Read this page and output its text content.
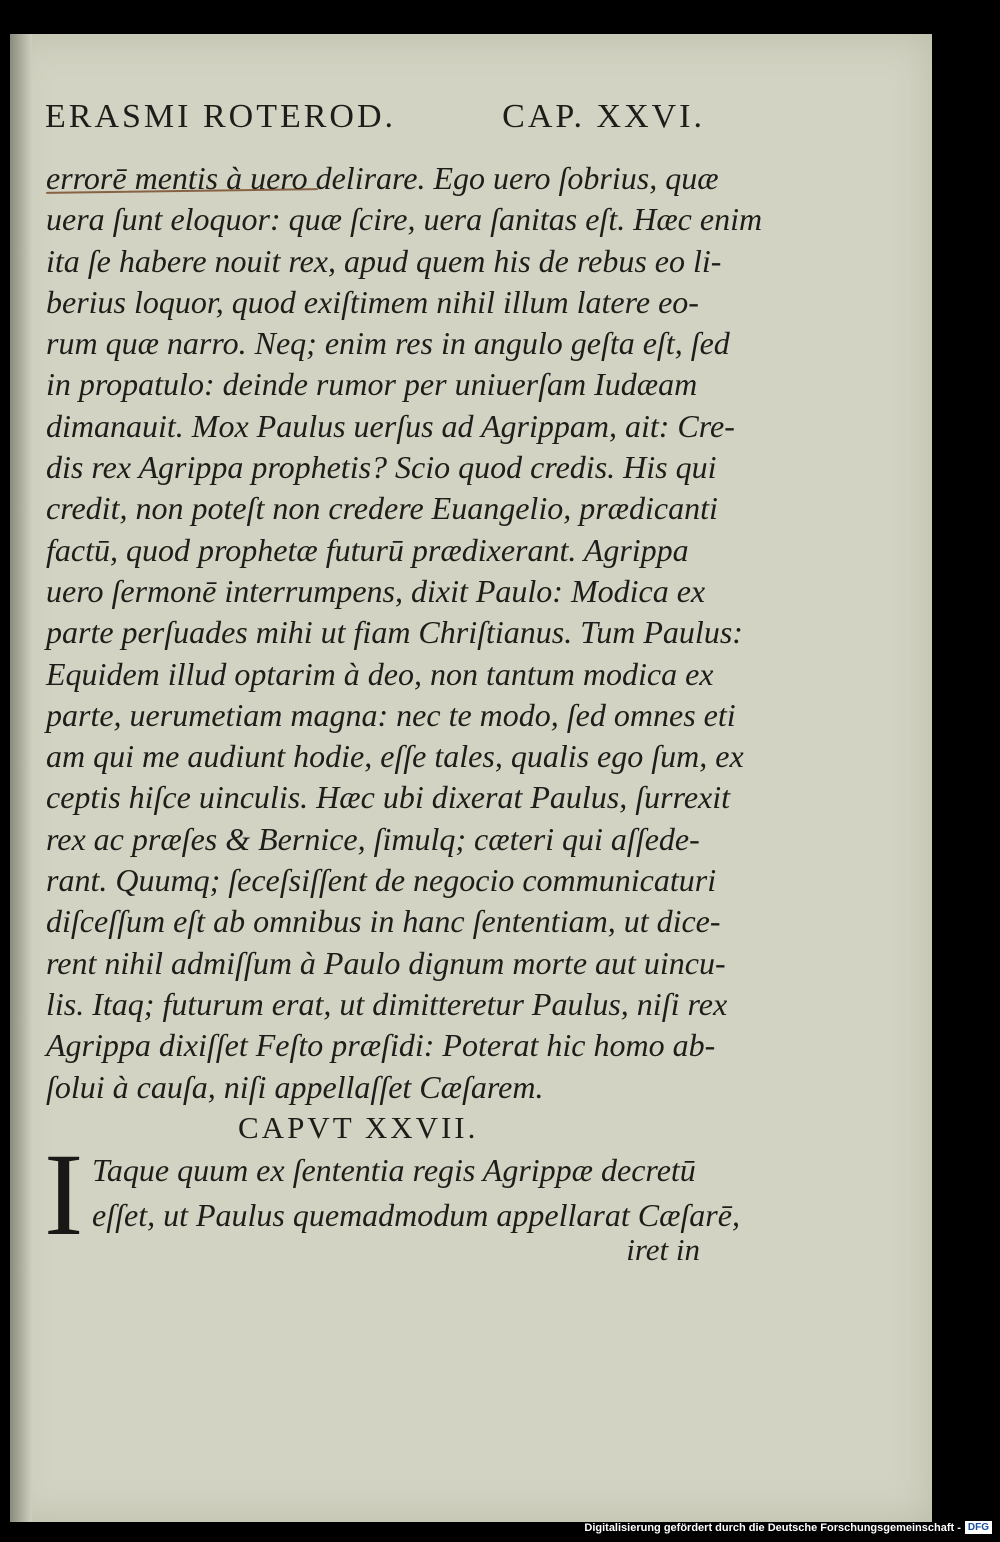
ERASMI ROTEROD.	CAP. XXVI.
errorē mentis à uero delirare. Ego uero ſobrius, quæ
uera ſunt eloquor: quæ ſcire, uera ſanitas eſt. Hæc enim
ita ſe habere nouit rex, apud quem his de rebus eo li-
berius loquor, quod exiſtimem nihil illum latere eo-
rum quæ narro. Neq; enim res in angulo geſta eſt, ſed
in propatulo: deinde rumor per uniuerſam Iudæam
dimanauit. Mox Paulus uerſus ad Agrippam, ait: Cre-
dis rex Agrippa prophetis? Scio quod credis. His qui
credit, non poteſt non credere Euangelio, prædicanti
factū, quod prophetæ futurū prædixerant. Agrippa
uero ſermonē interrumpens, dixit Paulo: Modica ex
parte perſuades mihi ut fiam Chriſtianus. Tum Paulus:
Equidem illud optarim à deo, non tantum modica ex
parte, uerumetiam magna: nec te modo, ſed omnes eti
am qui me audiunt hodie, eſſe tales, qualis ego ſum, ex
ceptis hiſce uinculis. Hæc ubi dixerat Paulus, ſurrexit
rex ac præſes & Bernice, ſimulq; cæteri qui aſſede-
rant. Quumq; ſeceſsiſſent de negocio communicaturi
diſceſſum eſt ab omnibus in hanc ſententiam, ut dice-
rent nihil admiſſum à Paulo dignum morte aut uincu-
lis. Itaq; futurum erat, ut dimitteretur Paulus, niſi rex
Agrippa dixiſſet Feſto præſidi: Poterat hic homo ab-
ſolui à cauſa, niſi appellaſſet Cæſarem.
CAPVT XXVII.
I Taque quum ex ſententia regis Agrippæ decretū
eſſet, ut Paulus quemadmodum appellarat Cæſarē,
iret in
Digitalisierung gefördert durch die Deutsche Forschungsgemeinschaft - DFG
